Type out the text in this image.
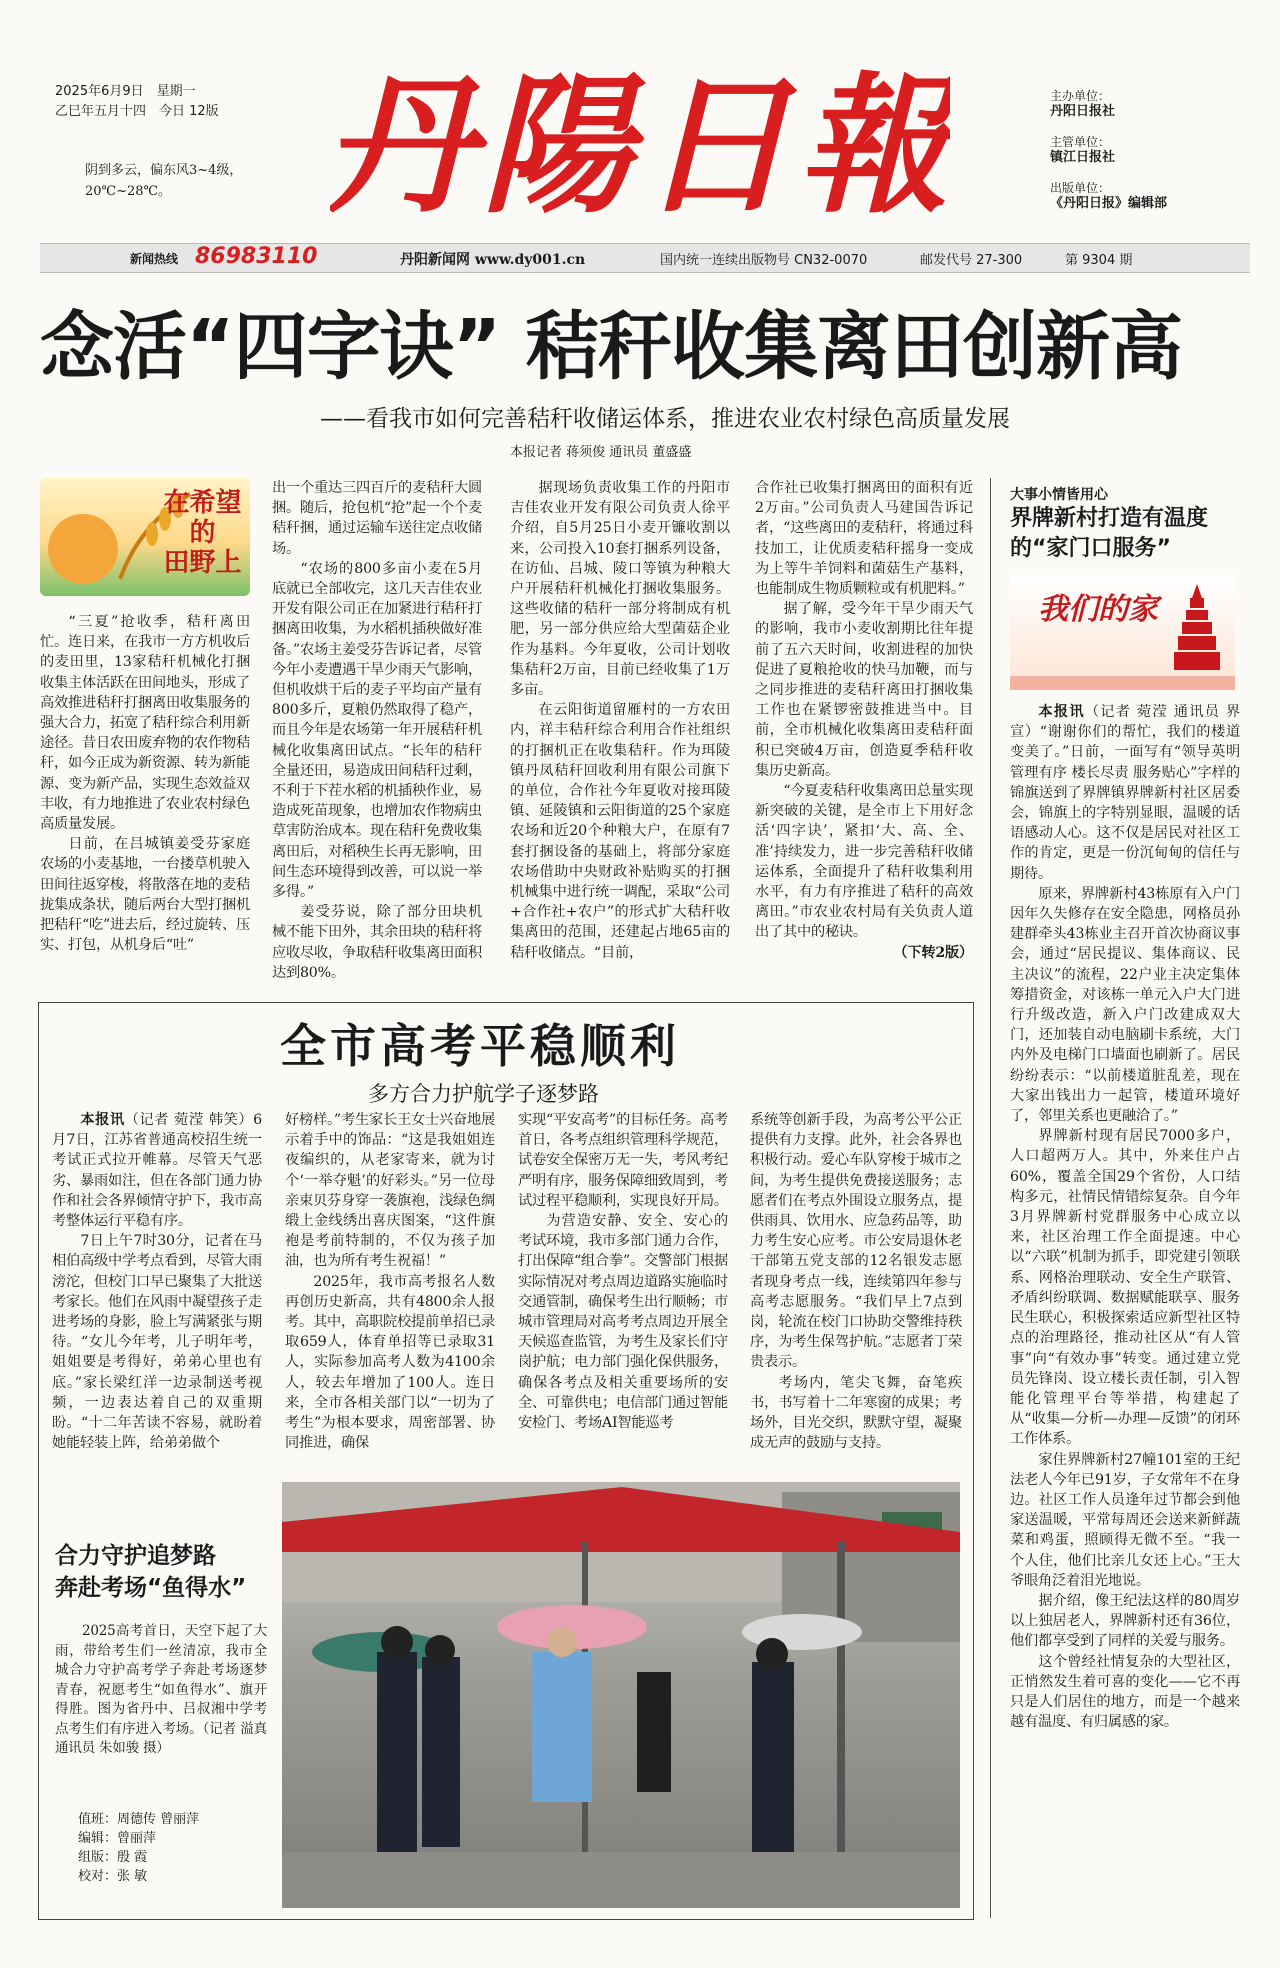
2025年6月9日　星期一
乙巳年五月十四　今日 12版
阴到多云，偏东风3~4级，20℃~28℃。	丹陽日報	主办单位：
丹阳日报社
主管单位：
镇江日报社
出版单位：
《丹阳日报》编辑部
新闻热线 86983110	丹阳新闻网 www.dy001.cn	国内统一连续出版物号 CN32-0070	邮发代号 27-300	第 9304 期
念活“四字诀” 秸秆收集离田创新高
——看我市如何完善秸秆收储运体系，推进农业农村绿色高质量发展
本报记者 蒋须俊 通讯员 董盛盛
在希望的
田野上

“三夏”抢收季，秸秆离田忙。连日来，在我市一方方机收后的麦田里，13家秸秆机械化打捆收集主体活跃在田间地头，形成了高效推进秸秆打捆离田收集服务的强大合力，拓宽了秸秆综合利用新途径。昔日农田废弃物的农作物秸秆，如今正成为新资源、转为新能源、变为新产品，实现生态效益双丰收，有力地推进了农业农村绿色高质量发展。

日前，在吕城镇姜受芬家庭农场的小麦基地，一台搂草机驶入田间往返穿梭，将散落在地的麦秸拢集成条状，随后两台大型打捆机把秸秆“吃”进去后，经过旋转、压实、打包，从机身后“吐”

出一个重达三四百斤的麦秸秆大圆捆。随后，抢包机“抢”起一个个麦秸秆捆，通过运输车送往定点收储场。

“农场的800多亩小麦在5月底就已全部收完，这几天吉佳农业开发有限公司正在加紧进行秸秆打捆离田收集，为水稻机插秧做好准备。”农场主姜受芬告诉记者，尽管今年小麦遭遇干旱少雨天气影响，但机收烘干后的麦子平均亩产量有800多斤，夏粮仍然取得了稳产，而且今年是农场第一年开展秸秆机械化收集离田试点。“长年的秸秆全量还田，易造成田间秸秆过剩，不利于下茬水稻的机插秧作业，易造成死苗现象，也增加农作物病虫草害防治成本。现在秸秆免费收集离田后，对稻秧生长再无影响，田间生态环境得到改善，可以说一举多得。”

姜受芬说，除了部分田块机械不能下田外，其余田块的秸秆将应收尽收，争取秸秆收集离田面积达到80%。

据现场负责收集工作的丹阳市吉佳农业开发有限公司负责人徐平介绍，自5月25日小麦开镰收割以来，公司投入10套打捆系列设备，在访仙、吕城、陵口等镇为种粮大户开展秸秆机械化打捆收集服务。这些收储的秸秆一部分将制成有机肥，另一部分供应给大型菌菇企业作为基料。今年夏收，公司计划收集秸秆2万亩，目前已经收集了1万多亩。

在云阳街道留雁村的一方农田内，祥丰秸秆综合利用合作社组织的打捆机正在收集秸秆。作为珥陵镇丹凤秸秆回收利用有限公司旗下的单位，合作社今年夏收对接珥陵镇、延陵镇和云阳街道的25个家庭农场和近20个种粮大户，在原有7套打捆设备的基础上，将部分家庭农场借助中央财政补贴购买的打捆机械集中进行统一调配，采取“公司+合作社+农户”的形式扩大秸秆收集离田的范围，还建起占地65亩的秸秆收储点。“目前，

合作社已收集打捆离田的面积有近2万亩。”公司负责人马建国告诉记者，“这些离田的麦秸秆，将通过科技加工，让优质麦秸秆摇身一变成为上等牛羊饲料和菌菇生产基料，也能制成生物质颗粒或有机肥料。”

据了解，受今年干旱少雨天气的影响，我市小麦收割期比往年提前了五六天时间，收割进程的加快促进了夏粮抢收的快马加鞭，而与之同步推进的麦秸秆离田打捆收集工作也在紧锣密鼓推进当中。目前，全市机械化收集离田麦秸秆面积已突破4万亩，创造夏季秸秆收集历史新高。

“今夏麦秸秆收集离田总量实现新突破的关键，是全市上下用好念活‘四字诀’，紧扣‘大、高、全、准’持续发力，进一步完善秸秆收储运体系，全面提升了秸秆收集利用水平，有力有序推进了秸秆的高效离田。”市农业农村局有关负责人道出了其中的秘诀。

（下转2版）

大事小情皆用心
界牌新村打造有温度的“家门口服务”
我们的家

本报讯（记者 菀滢 通讯员 界宣）“谢谢你们的帮忙，我们的楼道变美了。”日前，一面写有“领导英明 管理有序 楼长尽责 服务贴心”字样的锦旗送到了界牌镇界牌新村社区居委会，锦旗上的字特别显眼，温暖的话语感动人心。这不仅是居民对社区工作的肯定，更是一份沉甸甸的信任与期待。

原来，界牌新村43栋原有入户门因年久失修存在安全隐患，网格员孙建群牵头43栋业主召开首次协商议事会，通过“居民提议、集体商议、民主决议”的流程，22户业主决定集体筹措资金，对该栋一单元入户大门进行升级改造，新入户门改建成双大门，还加装自动电脑刷卡系统，大门内外及电梯门口墙面也刷新了。居民纷纷表示：“以前楼道脏乱差，现在大家出钱出力一起管，楼道环境好了，邻里关系也更融洽了。”

界牌新村现有居民7000多户，人口超两万人。其中，外来住户占60%，覆盖全国29个省份，人口结构多元，社情民情错综复杂。自今年3月界牌新村党群服务中心成立以来，社区治理工作全面提速。中心以“六联”机制为抓手，即党建引领联系、网格治理联动、安全生产联管、矛盾纠纷联调、数据赋能联享、服务民生联心，积极探索适应新型社区特点的治理路径，推动社区从“有人管事”向“有效办事”转变。通过建立党员先锋岗、设立楼长责任制，引入智能化管理平台等举措，构建起了从“收集—分析—办理—反馈”的闭环工作体系。

家住界牌新村27幢101室的王纪法老人今年已91岁，子女常年不在身边。社区工作人员逢年过节都会到他家送温暖，平常每周还会送来新鲜蔬菜和鸡蛋，照顾得无微不至。“我一个人住，他们比亲儿女还上心。”王大爷眼角泛着泪光地说。

据介绍，像王纪法这样的80周岁以上独居老人，界牌新村还有36位，他们都享受到了同样的关爱与服务。

这个曾经社情复杂的大型社区，正悄然发生着可喜的变化——它不再只是人们居住的地方，而是一个越来越有温度、有归属感的家。

全市高考平稳顺利
多方合力护航学子逐梦路

本报讯（记者 菀滢 韩笑）6月7日，江苏省普通高校招生统一考试正式拉开帷幕。尽管天气恶劣、暴雨如注，但在各部门通力协作和社会各界倾情守护下，我市高考整体运行平稳有序。

7日上午7时30分，记者在马相伯高级中学考点看到，尽管大雨滂沱，但校门口早已聚集了大批送考家长。他们在风雨中凝望孩子走进考场的身影，脸上写满紧张与期待。“女儿今年考，儿子明年考，姐姐要是考得好，弟弟心里也有底。”家长梁红洋一边录制送考视频，一边表达着自己的双重期盼。“十二年苦读不容易，就盼着她能轻装上阵，给弟弟做个

好榜样。”考生家长王女士兴奋地展示着手中的饰品：“这是我姐姐连夜编织的，从老家寄来，就为讨个‘一举夺魁’的好彩头。”另一位母亲束贝芬身穿一袭旗袍，浅绿色绸缎上金线绣出喜庆图案，“这件旗袍是考前特制的，不仅为孩子加油，也为所有考生祝福！”

2025年，我市高考报名人数再创历史新高，共有4800余人报考。其中，高职院校提前单招已录取659人，体育单招等已录取31人，实际参加高考人数为4100余人，较去年增加了100人。连日来，全市各相关部门以“一切为了考生”为根本要求，周密部署、协同推进，确保

实现“平安高考”的目标任务。高考首日，各考点组织管理科学规范，试卷安全保密万无一失，考风考纪严明有序，服务保障细致周到，考试过程平稳顺利，实现良好开局。

为营造安静、安全、安心的考试环境，我市多部门通力合作，打出保障“组合拳”。交警部门根据实际情况对考点周边道路实施临时交通管制，确保考生出行顺畅；市城市管理局对高考考点周边开展全天候巡查监管，为考生及家长们守岗护航；电力部门强化保供服务，确保各考点及相关重要场所的安全、可靠供电；电信部门通过智能安检门、考场AI智能巡考

系统等创新手段，为高考公平公正提供有力支撑。此外，社会各界也积极行动。爱心车队穿梭于城市之间，为考生提供免费接送服务；志愿者们在考点外围设立服务点，提供雨具、饮用水、应急药品等，助力考生安心应考。市公安局退休老干部第五党支部的12名银发志愿者现身考点一线，连续第四年参与高考志愿服务。“我们早上7点到岗，轮流在校门口协助交警维持秩序，为考生保驾护航。”志愿者丁荣贵表示。

考场内，笔尖飞舞，奋笔疾书，书写着十二年寒窗的成果；考场外，目光交织，默默守望，凝聚成无声的鼓励与支持。

合力守护追梦路
奔赴考场“鱼得水”

2025高考首日，天空下起了大雨，带给考生们一丝清凉，我市全城合力守护高考学子奔赴考场逐梦青春，祝愿考生“如鱼得水”、旗开得胜。图为省丹中、吕叔湘中学考点考生们有序进入考场。（记者 溢真 通讯员 朱如骏 摄）

值班：周德传 曾丽萍
编辑：曾丽萍
组版：殷 霞
校对：张 敏
